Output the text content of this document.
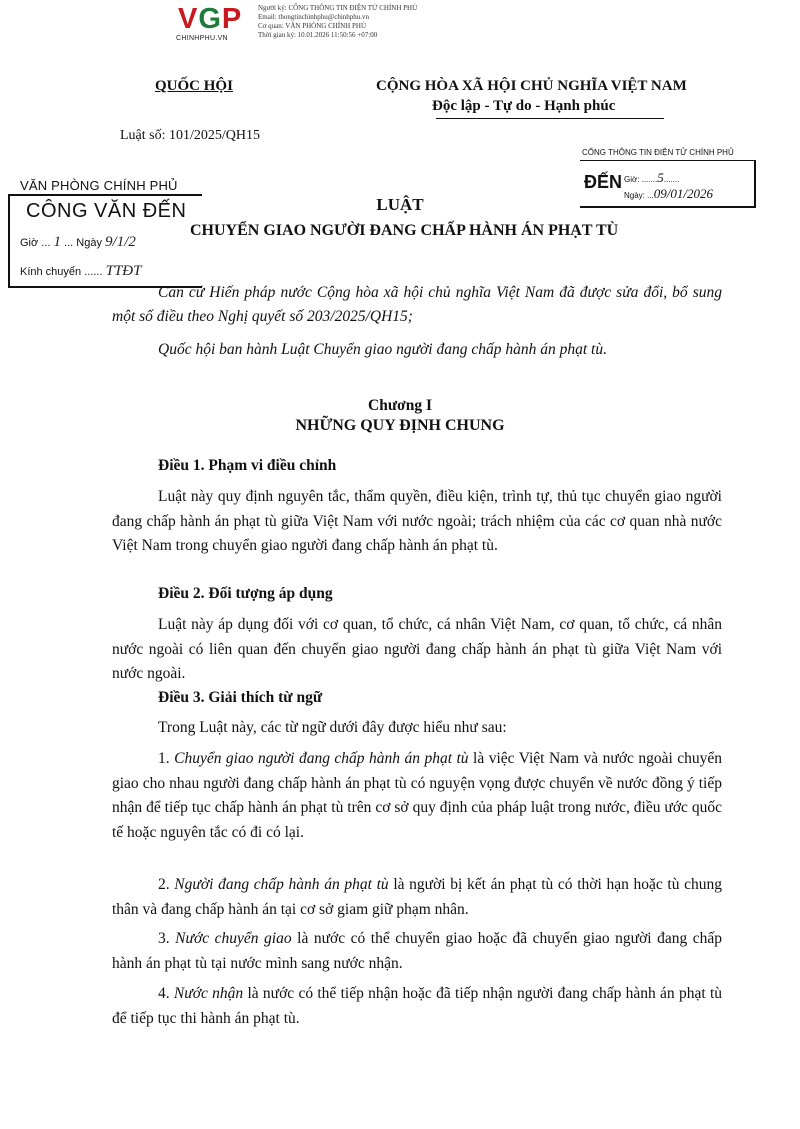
VGP
CHINHPHU.VN
Người ký: CỔNG THÔNG TIN ĐIỆN TỬ CHÍNH PHỦ
Email: thongtinchinhphu@chinhphu.vn
Cơ quan: VĂN PHÒNG CHÍNH PHỦ
Thời gian ký: 10.01.2026 11:50:56 +07:00
QUỐC HỘI	CỘNG HÒA XÃ HỘI CHỦ NGHĨA VIỆT NAM
Độc lập - Tự do - Hạnh phúc
Luật số: 101/2025/QH15
VĂN PHÒNG CHÍNH PHỦ
CÔNG VĂN ĐẾN
Giờ ... 1 ... Ngày 9/1/2
Kính chuyển ...... TTĐT
CỔNG THÔNG TIN ĐIỆN TỬ CHÍNH PHỦ
ĐẾN Giờ: .......5.......
Ngày: ...09/01/2026
LUẬT
CHUYỂN GIAO NGƯỜI ĐANG CHẤP HÀNH ÁN PHẠT TÙ
Căn cứ Hiến pháp nước Cộng hòa xã hội chủ nghĩa Việt Nam đã được sửa đổi, bổ sung một số điều theo Nghị quyết số 203/2025/QH15;
Quốc hội ban hành Luật Chuyển giao người đang chấp hành án phạt tù.
Chương I
NHỮNG QUY ĐỊNH CHUNG
Điều 1. Phạm vi điều chỉnh
Luật này quy định nguyên tắc, thẩm quyền, điều kiện, trình tự, thủ tục chuyển giao người đang chấp hành án phạt tù giữa Việt Nam với nước ngoài; trách nhiệm của các cơ quan nhà nước Việt Nam trong chuyển giao người đang chấp hành án phạt tù.
Điều 2. Đối tượng áp dụng
Luật này áp dụng đối với cơ quan, tổ chức, cá nhân Việt Nam, cơ quan, tổ chức, cá nhân nước ngoài có liên quan đến chuyển giao người đang chấp hành án phạt tù giữa Việt Nam với nước ngoài.
Điều 3. Giải thích từ ngữ
Trong Luật này, các từ ngữ dưới đây được hiểu như sau:
1. Chuyển giao người đang chấp hành án phạt tù là việc Việt Nam và nước ngoài chuyển giao cho nhau người đang chấp hành án phạt tù có nguyện vọng được chuyển về nước đồng ý tiếp nhận để tiếp tục chấp hành án phạt tù trên cơ sở quy định của pháp luật trong nước, điều ước quốc tế hoặc nguyên tắc có đi có lại.
2. Người đang chấp hành án phạt tù là người bị kết án phạt tù có thời hạn hoặc tù chung thân và đang chấp hành án tại cơ sở giam giữ phạm nhân.
3. Nước chuyển giao là nước có thể chuyển giao hoặc đã chuyển giao người đang chấp hành án phạt tù tại nước mình sang nước nhận.
4. Nước nhận là nước có thể tiếp nhận hoặc đã tiếp nhận người đang chấp hành án phạt tù để tiếp tục thi hành án phạt tù.
